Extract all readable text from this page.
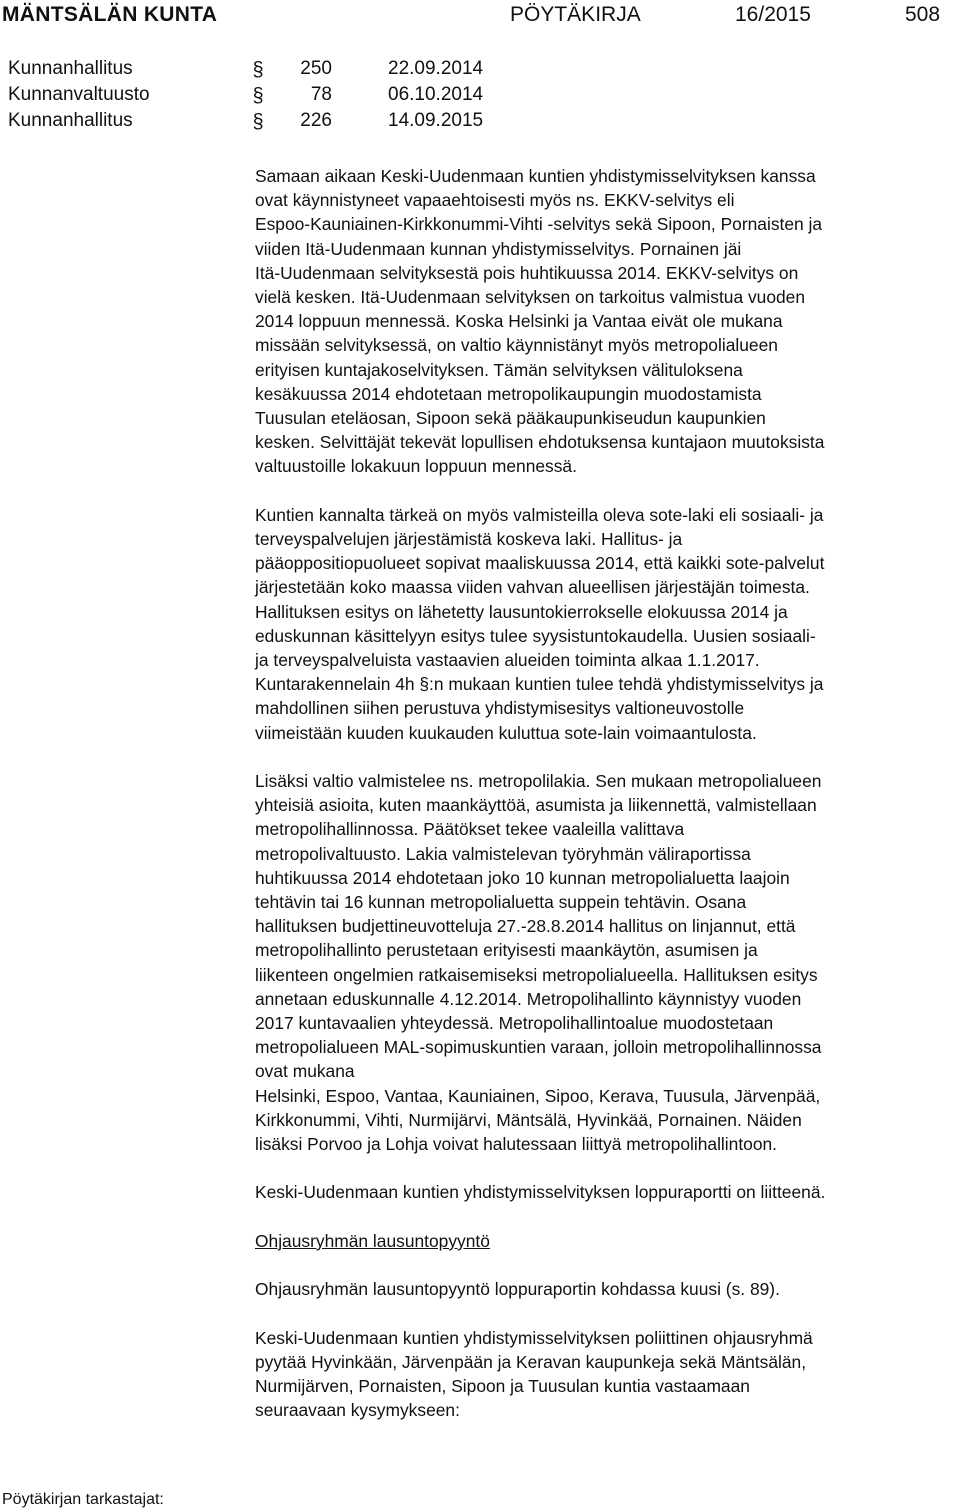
MÄNTSÄLÄN KUNTA	PÖYTÄKIRJA	16/2015	508
Kunnanhallitus	§	250	22.09.2014
Kunnanvaltuusto	§	78	06.10.2014
Kunnanhallitus	§	226	14.09.2015

Samaan aikaan Keski-Uudenmaan kuntien yhdistymisselvityksen kanssa
ovat käynnistyneet vapaaehtoisesti myös ns. EKKV-selvitys eli
Espoo-Kauniainen-Kirkkonummi-Vihti -selvitys sekä Sipoon, Pornaisten ja
viiden Itä-Uudenmaan kunnan yhdistymisselvitys. Pornainen jäi
Itä-Uudenmaan selvityksestä pois huhtikuussa 2014. EKKV-selvitys on
vielä kesken. Itä-Uudenmaan selvityksen on tarkoitus valmistua vuoden
2014 loppuun mennessä. Koska Helsinki ja Vantaa eivät ole mukana
missään selvityksessä, on valtio käynnistänyt myös metropolialueen
erityisen kuntajakoselvityksen. Tämän selvityksen välituloksena
kesäkuussa 2014 ehdotetaan metropolikaupungin muodostamista
Tuusulan eteläosan, Sipoon sekä pääkaupunkiseudun kaupunkien
kesken. Selvittäjät tekevät lopullisen ehdotuksensa kuntajaon muutoksista
valtuustoille lokakuun loppuun mennessä.

Kuntien kannalta tärkeä on myös valmisteilla oleva sote-laki eli sosiaali- ja
terveyspalvelujen järjestämistä koskeva laki. Hallitus- ja
pääoppositiopuolueet sopivat maaliskuussa 2014, että kaikki sote-palvelut
järjestetään koko maassa viiden vahvan alueellisen järjestäjän toimesta.
Hallituksen esitys on lähetetty lausuntokierrokselle elokuussa 2014 ja
eduskunnan käsittelyyn esitys tulee syysistuntokaudella. Uusien sosiaali-
ja terveyspalveluista vastaavien alueiden toiminta alkaa 1.1.2017.
Kuntarakennelain 4h §:n mukaan kuntien tulee tehdä yhdistymisselvitys ja
mahdollinen siihen perustuva yhdistymisesitys valtioneuvostolle
viimeistään kuuden kuukauden kuluttua sote-lain voimaantulosta.

Lisäksi valtio valmistelee ns. metropolilakia. Sen mukaan metropolialueen
yhteisiä asioita, kuten maankäyttöä, asumista ja liikennettä, valmistellaan
metropolihallinnossa. Päätökset tekee vaaleilla valittava
metropolivaltuusto. Lakia valmistelevan työryhmän väliraportissa
huhtikuussa 2014 ehdotetaan joko 10 kunnan metropolialuetta laajoin
tehtävin tai 16 kunnan metropolialuetta suppein tehtävin. Osana
hallituksen budjettineuvotteluja 27.-28.8.2014 hallitus on linjannut, että
metropolihallinto perustetaan erityisesti maankäytön, asumisen ja
liikenteen ongelmien ratkaisemiseksi metropolialueella. Hallituksen esitys
annetaan eduskunnalle 4.12.2014. Metropolihallinto käynnistyy vuoden
2017 kuntavaalien yhteydessä. Metropolihallintoalue muodostetaan
metropolialueen MAL-sopimuskuntien varaan, jolloin metropolihallinnossa
ovat mukana
Helsinki, Espoo, Vantaa, Kauniainen, Sipoo, Kerava, Tuusula, Järvenpää,
Kirkkonummi, Vihti, Nurmijärvi, Mäntsälä, Hyvinkää, Pornainen. Näiden
lisäksi Porvoo ja Lohja voivat halutessaan liittyä metropolihallintoon.

Keski-Uudenmaan kuntien yhdistymisselvityksen loppuraportti on liitteenä.

Ohjausryhmän lausuntopyyntö

Ohjausryhmän lausuntopyyntö loppuraportin kohdassa kuusi (s. 89).

Keski-Uudenmaan kuntien yhdistymisselvityksen poliittinen ohjausryhmä
pyytää Hyvinkään, Järvenpään ja Keravan kaupunkeja sekä Mäntsälän,
Nurmijärven, Pornaisten, Sipoon ja Tuusulan kuntia vastaamaan
seuraavaan kysymykseen:

Pöytäkirjan tarkastajat:
